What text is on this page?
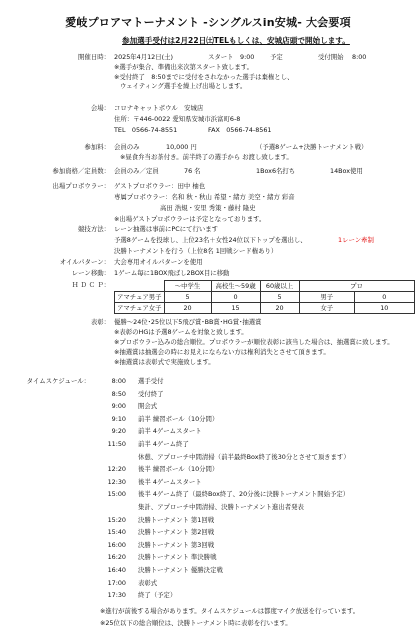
愛岐プロアマトーナメント -シングルスin安城- 大会要項
参加選手受付は2月22日㈯TELもしくは、安城店頭で開始します。
開催日時： 2025年4月12日(土)	スタート 9:00 予定	受付開始 8:00
※選手が集合、準備出来次第スタート致します。
※受付終了　8:50までに受付をされなかった選手は棄権とし、
ウェイティング選手を繰上げ出場とします。
会場： コロナキャットボウル　安城店
住所：〒446-0022 愛知県安城市浜富町6-8
TEL　0566-74-8551	FAX　0566-74-8561
参加料： 会員のみ	10,000 円	（予選8ゲーム+決勝トーナメント戦）
※昼食弁当お茶付き。前半終了の選手から お渡し致します。
参加資格／定員数： 会員のみ／定員	76 名	1Box6名打ち	14Box使用
出場プロボウラー： ゲストプロボウラー：田中 柚也
専属プロボウラー：名和 秋・秋山 希望・緒方 美空・緒方 彩音
高田 浩規・安里 秀策・藤村 隆史
※出場ゲストプロボウラーは予定となっております。
競技方法： レーン抽選は事前にPCにて行います
予選8ゲームを投球し、上位23名＋女性24位以下トップを選出し、	1レーン牽制
決勝トーナメントを行う（上位8名 1回戦シード権あり）
オイルパターン： 大会専用オイルパターンを使用
レーン移動： 1ゲーム毎に1BOX飛ばし2BOX目に移動
Ｈ Ｄ Ｃ Ｐ：
		〜中学生	高校生〜59歳	60歳以上	プロ	
アマチュア男子	5	0	5	男子	0
アマチュア女子	20	15	20	女子	10
表彰： 優勝〜24位･25位以下5飛び賞･BB賞･HG賞･抽選賞
※表彰のHGは予選8ゲームを対象と致します。
※プロボウラー込みの総合順位。プロボウラーが順位表彰に該当した場合は、抽選賞に致します。
※抽選賞は抽選会の時にお見えにならない方は権利消失とさせて頂きます。
※抽選賞は表彰式で実施致します。
タイムスケジュール：	8:00 選手受付
8:50 受付終了
9:00 開会式
9:10 前半 練習ボール（10分間）
9:20 前半 4ゲームスタート
11:50 前半 4ゲーム終了
休憩、アプローチ中間清掃（前半最終Box終了後30分とさせて頂きます）
12:20 後半 練習ボール（10分間）
12:30 後半 4ゲームスタート
15:00 後半 4ゲーム終了（最終Box終了、20分後に決勝トーナメント開始予定）
集計、アプローチ中間清掃、決勝トーナメント進出者発表
15:20 決勝トーナメント 第1回戦
15:40 決勝トーナメント 第2回戦
16:00 決勝トーナメント 第3回戦
16:20 決勝トーナメント 準決勝戦
16:40 決勝トーナメント 優勝決定戦
17:00 表彰式
17:30 終了（予定）
※進行が前後する場合があります。タイムスケジュールは都度マイク放送を行っています。
※25位以下の総合順位は、決勝トーナメント時に表彰を行います。
